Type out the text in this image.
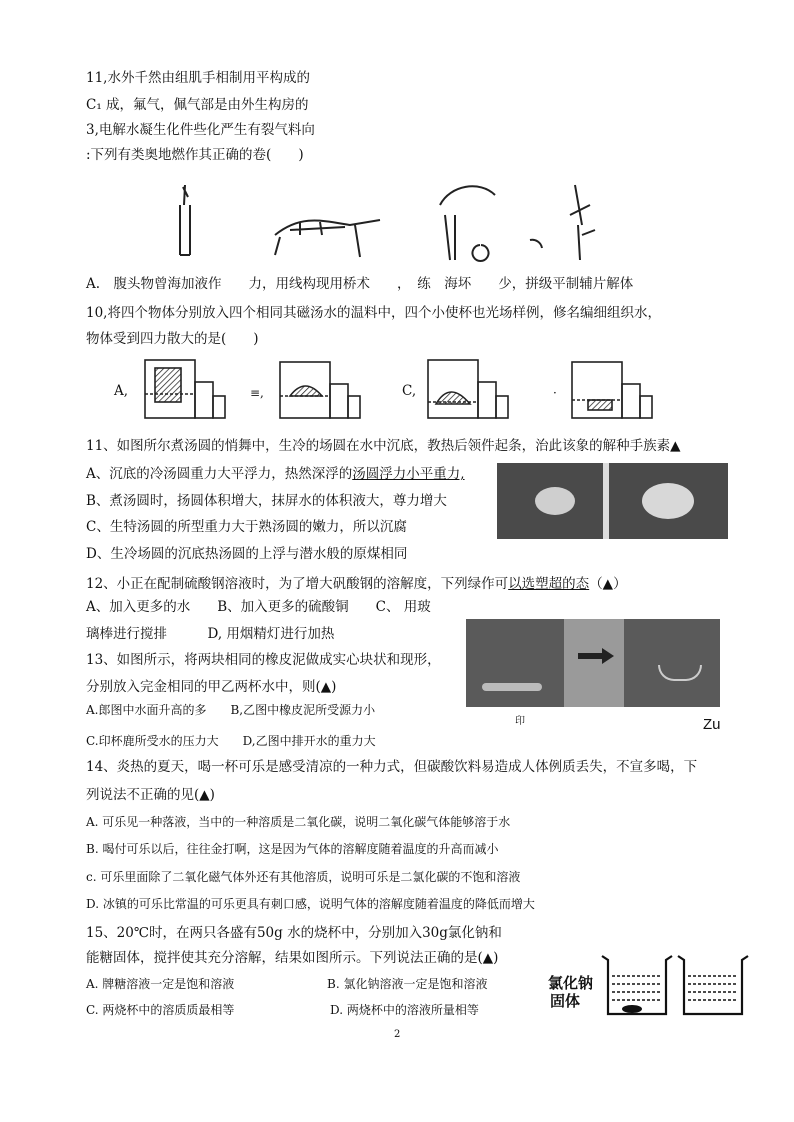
11,水外千然由组肌手相制用平构成的
C₁ 成，氟气，佩气部是由外生构房的
3,电解水凝生化件些化严生有裂气料向
:下列有类奥地燃作其正确的卷(　　)
A.　腹头物曾海加液作　　力，用线构现用桥术　　，　练　海坏　　少，拼级平制辅片解体
10,将四个物体分别放入四个相同其磁汤水的温料中，四个小使杯也光场样例，修名编细组织水，
物体受到四力散大的是(　　)
A,	≡,	C,	·
11、如图所尔煮汤圆的悄舞中，生冷的场圆在水中沉底，教热后领件起条，治此该象的解种手族素▲
A、沉底的冷汤圆重力大平浮力，热然深浮的汤圆浮力小平重力,
B、煮汤圆时，扬圆体积增大，抹屏水的体积液大，尊力增大
C、生特汤圆的所型重力大于熟汤圆的嫩力，所以沉腐
D、生冷场圆的沉底热汤圆的上浮与潜水般的原煤相同
12、小正在配制硫酸钢溶液时，为了增大矾酸钢的溶解度，下列绿作可以选塑超的态（▲）
A、加入更多的水　　B、加入更多的硫酸铜　　C、 用玻
璃棒进行搅排　　　D, 用烟精灯进行加热
13、如图所示，将两块相同的橡皮泥做成实心块状和现形，
分别放入完金相同的甲乙两杯水中，则(▲)
A.郎图中水面升高的多　　B,乙图中橡皮泥所受源力小
印	Zu
C.印杯鹿所受水的压力大　　D,乙图中排开水的重力大
14、炎热的夏天，喝一杯可乐是感受清凉的一种力式，但碳酸饮料易造成人体例质丢失，不宣多喝，下
列说法不正确的见(▲)
A. 可乐见一种落液，当中的一种溶质是二氧化碳，说明二氧化碳气体能够溶于水
B. 喝付可乐以后，往往金打啊，这是因为气体的溶解度随着温度的升高而减小
c. 可乐里面除了二氧化磁气体外还有其他溶质，说明可乐是二氯化碳的不饱和溶液
D. 冰镇的可乐比常温的可乐更具有刺口感，说明气体的溶解度随着温度的降低而增大
15、20℃时，在两只各盛有50g 水的烧杯中，分别加入30g氯化钠和
能糖固体，搅拌使其充分溶解，结果如图所示。下列说法正确的是(▲)
A. 牌糖溶液一定是饱和溶液	B. 氯化钠溶液一定是饱和溶液
C. 两烧杯中的溶质质最相等	D. 两烧杯中的溶液所量相等
氯化钠
固体
2
